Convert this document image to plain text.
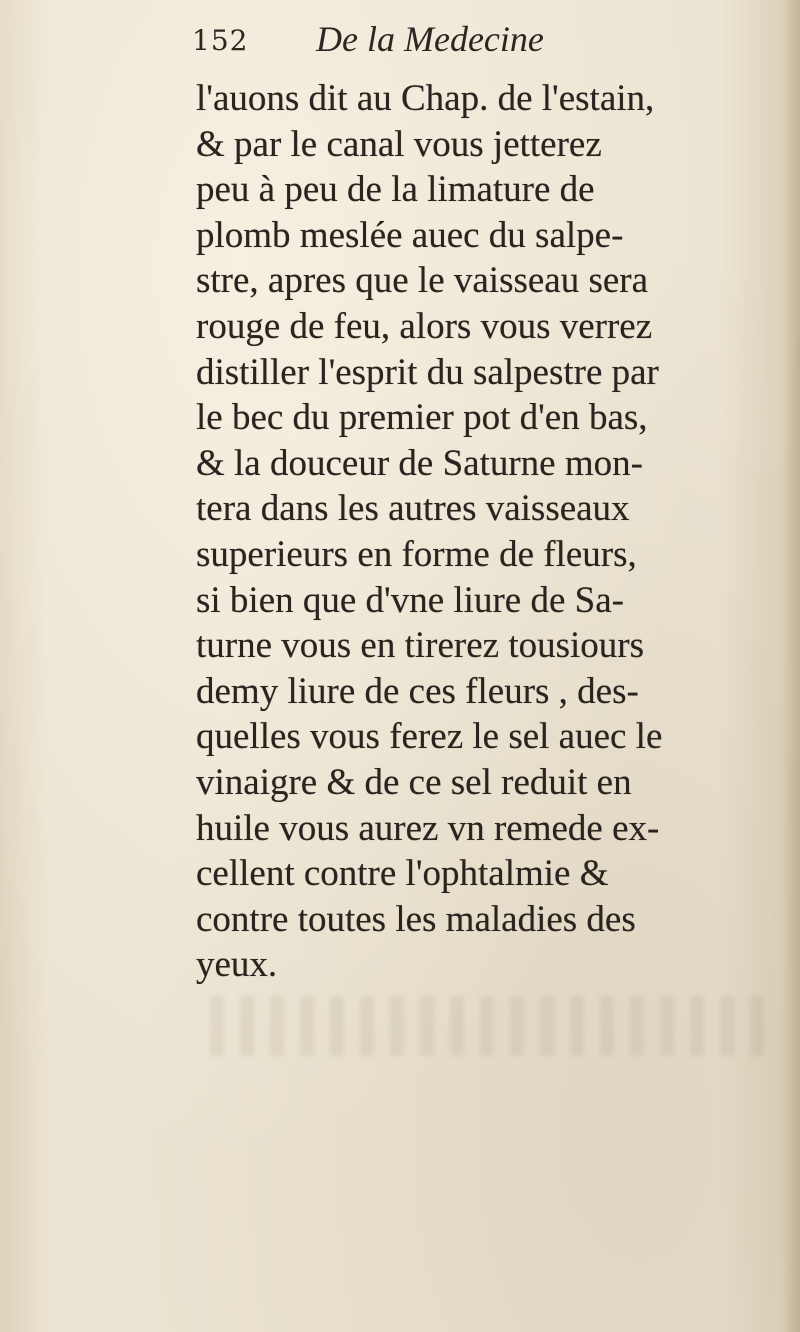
152 De la Medecine
l'auons dit au Chap. de l'estain,
& par le canal vous jetterez
peu à peu de la limature de
plomb meslée auec du salpe-
stre, apres que le vaisseau sera
rouge de feu, alors vous verrez
distiller l'esprit du salpestre par
le bec du premier pot d'en bas,
& la douceur de Saturne mon-
tera dans les autres vaisseaux
superieurs en forme de fleurs,
si bien que d'vne liure de Sa-
turne vous en tirerez tousiours
demy liure de ces fleurs , des-
quelles vous ferez le sel auec le
vinaigre & de ce sel reduit en
huile vous aurez vn remede ex-
cellent contre l'ophtalmie &
contre toutes les maladies des
yeux.
